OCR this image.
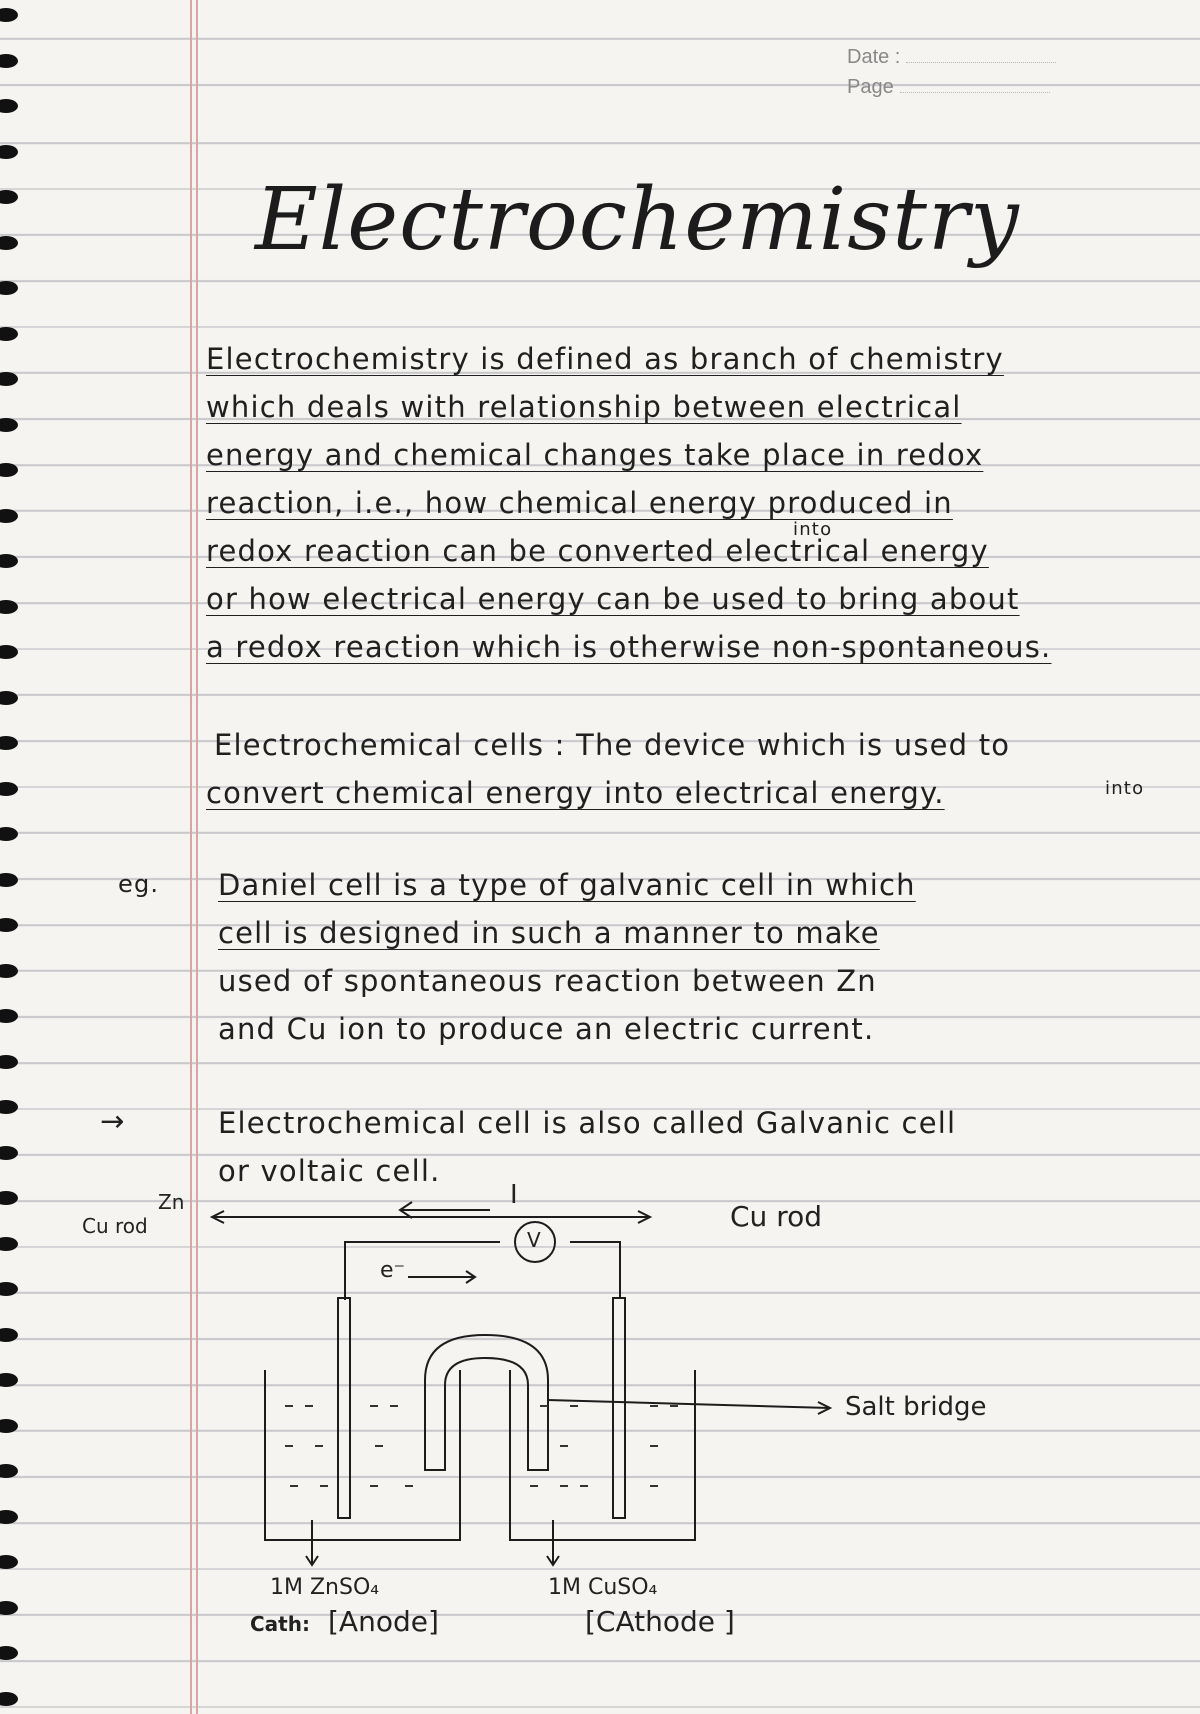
Date :
Page
Electrochemistry
Electrochemistry is defined as branch of chemistry
which deals with relationship between electrical
energy and chemical changes take place in redox
reaction, i.e., how chemical energy produced in
into
redox reaction can be converted electrical energy
or how electrical energy can be used to bring about
a redox reaction which is otherwise non-spontaneous.
Electrochemical cells : The device which is used to
convert chemical energy into electrical energy.	into
eg. Daniel cell is a type of galvanic cell in which
cell is designed in such a manner to make
used of spontaneous reaction between Zn
and Cu ion to produce an electric current.
→	Electrochemical cell is also called Galvanic cell
or voltaic cell.
I
V
e⁻
Zn
Cu rod	Cu rod
Salt bridge
1M ZnSO₄	1M CuSO₄
Cath: [Anode]	[CAthode ]
